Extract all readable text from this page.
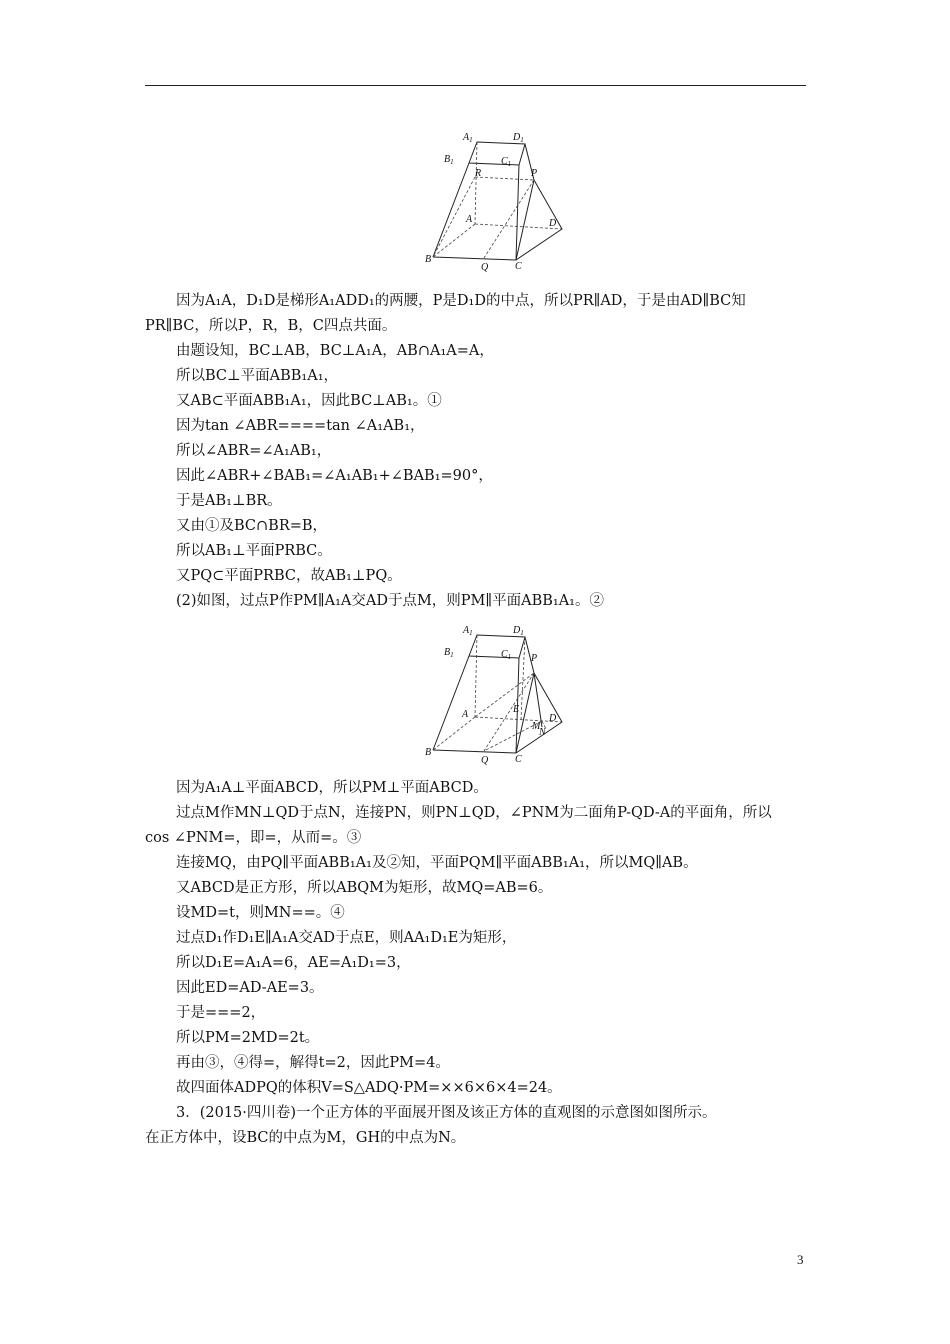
$A_1$	$D_1$
$B_1$	$C_1$
R	P
A	D
B
Q	C
$A_1$	$D_1$
$B_1$	$C_1$ P
A	E
M
N
D
B
Q	C
因为A₁A，D₁D是梯形A₁ADD₁的两腰，P是D₁D的中点，所以PR∥AD，于是由AD∥BC知
PR∥BC，所以P，R，B，C四点共面。
由题设知，BC⊥AB，BC⊥A₁A，AB∩A₁A=A，
所以BC⊥平面ABB₁A₁，
又AB⊂平面ABB₁A₁，因此BC⊥AB₁。①
因为tan ∠ABR====tan ∠A₁AB₁，
所以∠ABR=∠A₁AB₁，
因此∠ABR+∠BAB₁=∠A₁AB₁+∠BAB₁=90°，
于是AB₁⊥BR。
又由①及BC∩BR=B，
所以AB₁⊥平面PRBC。
又PQ⊂平面PRBC，故AB₁⊥PQ。
(2)如图，过点P作PM∥A₁A交AD于点M，则PM∥平面ABB₁A₁。②
因为A₁A⊥平面ABCD，所以PM⊥平面ABCD。
过点M作MN⊥QD于点N，连接PN，则PN⊥QD，∠PNM为二面角P-QD-A的平面角，所以
cos ∠PNM=，即=，从而=。③
连接MQ，由PQ∥平面ABB₁A₁及②知，平面PQM∥平面ABB₁A₁，所以MQ∥AB。
又ABCD是正方形，所以ABQM为矩形，故MQ=AB=6。
设MD=t，则MN==。④
过点D₁作D₁E∥A₁A交AD于点E，则AA₁D₁E为矩形，
所以D₁E=A₁A=6，AE=A₁D₁=3，
因此ED=AD-AE=3。
于是===2，
所以PM=2MD=2t。
再由③，④得=，解得t=2，因此PM=4。
故四面体ADPQ的体积V=S△ADQ·PM=××6×6×4=24。
3．(2015·四川卷)一个正方体的平面展开图及该正方体的直观图的示意图如图所示。
在正方体中，设BC的中点为M，GH的中点为N。
3
